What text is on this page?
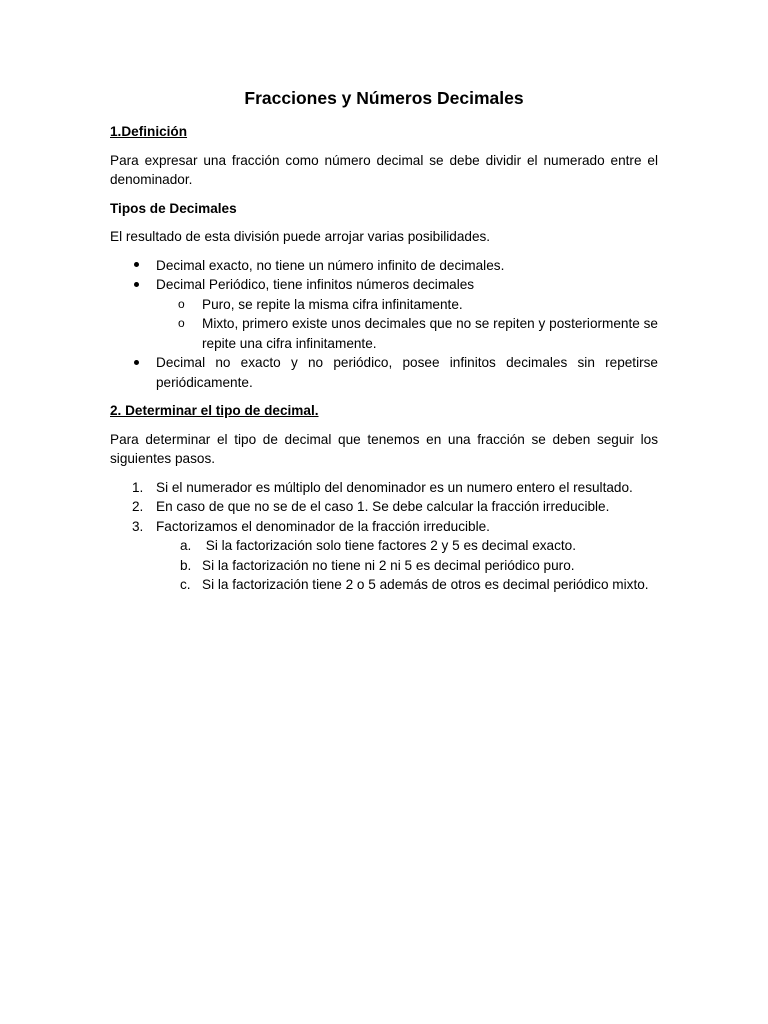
Fracciones y Números Decimales
1.Definición

Para expresar una fracción como número decimal se debe dividir el numerado entre el denominador.

Tipos de Decimales

El resultado de esta división puede arrojar varias posibilidades.

Decimal exacto, no tiene un número infinito de decimales.
Decimal Periódico, tiene infinitos números decimales
o Puro, se repite la misma cifra infinitamente.
o Mixto, primero existe unos decimales que no se repiten y posteriormente se repite una cifra infinitamente.
Decimal no exacto y no periódico, posee infinitos decimales sin repetirse periódicamente.
2. Determinar el tipo de decimal.

Para determinar el tipo de decimal que tenemos en una fracción se deben seguir los siguientes pasos.

1. Si el numerador es múltiplo del denominador es un numero entero el resultado.
2. En caso de que no se de el caso 1. Se debe calcular la fracción irreducible.
3. Factorizamos el denominador de la fracción irreducible.
a. Si la factorización solo tiene factores 2 y 5 es decimal exacto.
b. Si la factorización no tiene ni 2 ni 5 es decimal periódico puro.
c. Si la factorización tiene 2 o 5 además de otros es decimal periódico mixto.
